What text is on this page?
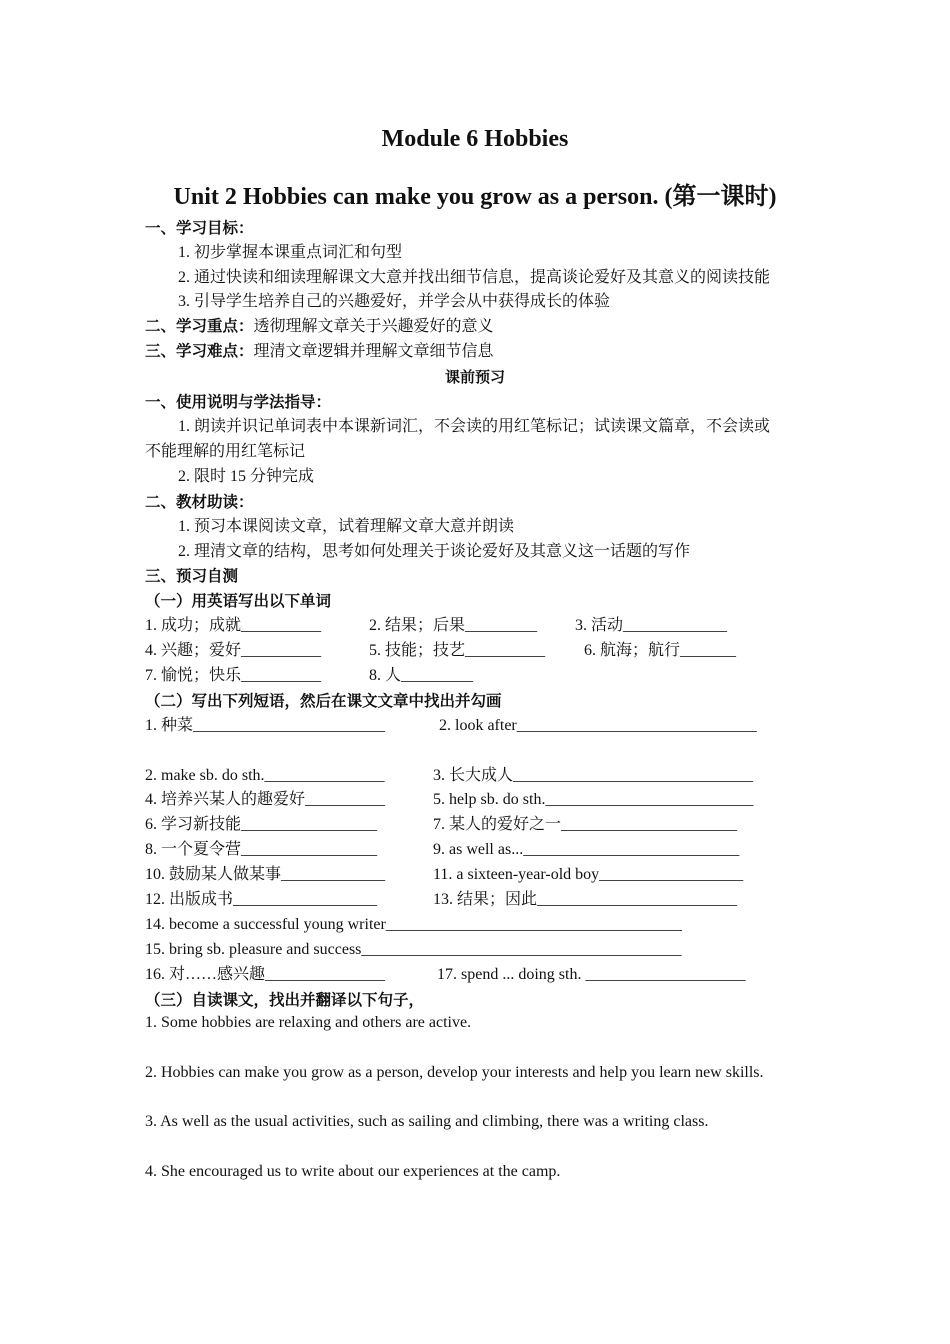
Module 6 Hobbies
Unit 2 Hobbies can make you grow as a person. (第一课时)
一、学习目标：
1. 初步掌握本课重点词汇和句型
2. 通过快读和细读理解课文大意并找出细节信息，提高谈论爱好及其意义的阅读技能
3. 引导学生培养自己的兴趣爱好，并学会从中获得成长的体验
二、学习重点：透彻理解文章关于兴趣爱好的意义
三、学习难点：理清文章逻辑并理解文章细节信息
课前预习
一、使用说明与学法指导：
1. 朗读并识记单词表中本课新词汇，不会读的用红笔标记；试读课文篇章，不会读或
不能理解的用红笔标记
2. 限时 15 分钟完成
二、教材助读：
1. 预习本课阅读文章，试着理解文章大意并朗读
2. 理清文章的结构，思考如何处理关于谈论爱好及其意义这一话题的写作
三、预习自测
（一）用英语写出以下单词
1. 成功；成就__________	2. 结果；后果_________ 3. 活动_____________
4. 兴趣；爱好__________	5. 技能；技艺__________ 6. 航海；航行_______
7. 愉悦；快乐__________	8. 人_________
（二）写出下列短语，然后在课文文章中找出并勾画
1. 种菜________________________	2. look after______________________________
2. make sb. do sth._______________	3. 长大成人______________________________
4. 培养兴某人的趣爱好__________	5. help sb. do sth.__________________________
6. 学习新技能_________________	7. 某人的爱好之一______________________
8. 一个夏令营_________________	9. as well as...___________________________
10. 鼓励某人做某事_____________	11. a sixteen-year-old boy__________________
12. 出版成书__________________	13. 结果；因此_________________________
14. become a successful young writer_____________________________________
15. bring sb. pleasure and success________________________________________
16. 对……感兴趣_______________	17. spend ... doing sth. ____________________
（三）自读课文，找出并翻译以下句子，
1. Some hobbies are relaxing and others are active.
2. Hobbies can make you grow as a person, develop your interests and help you learn new skills.
3. As well as the usual activities, such as sailing and climbing, there was a writing class.
4. She encouraged us to write about our experiences at the camp.
